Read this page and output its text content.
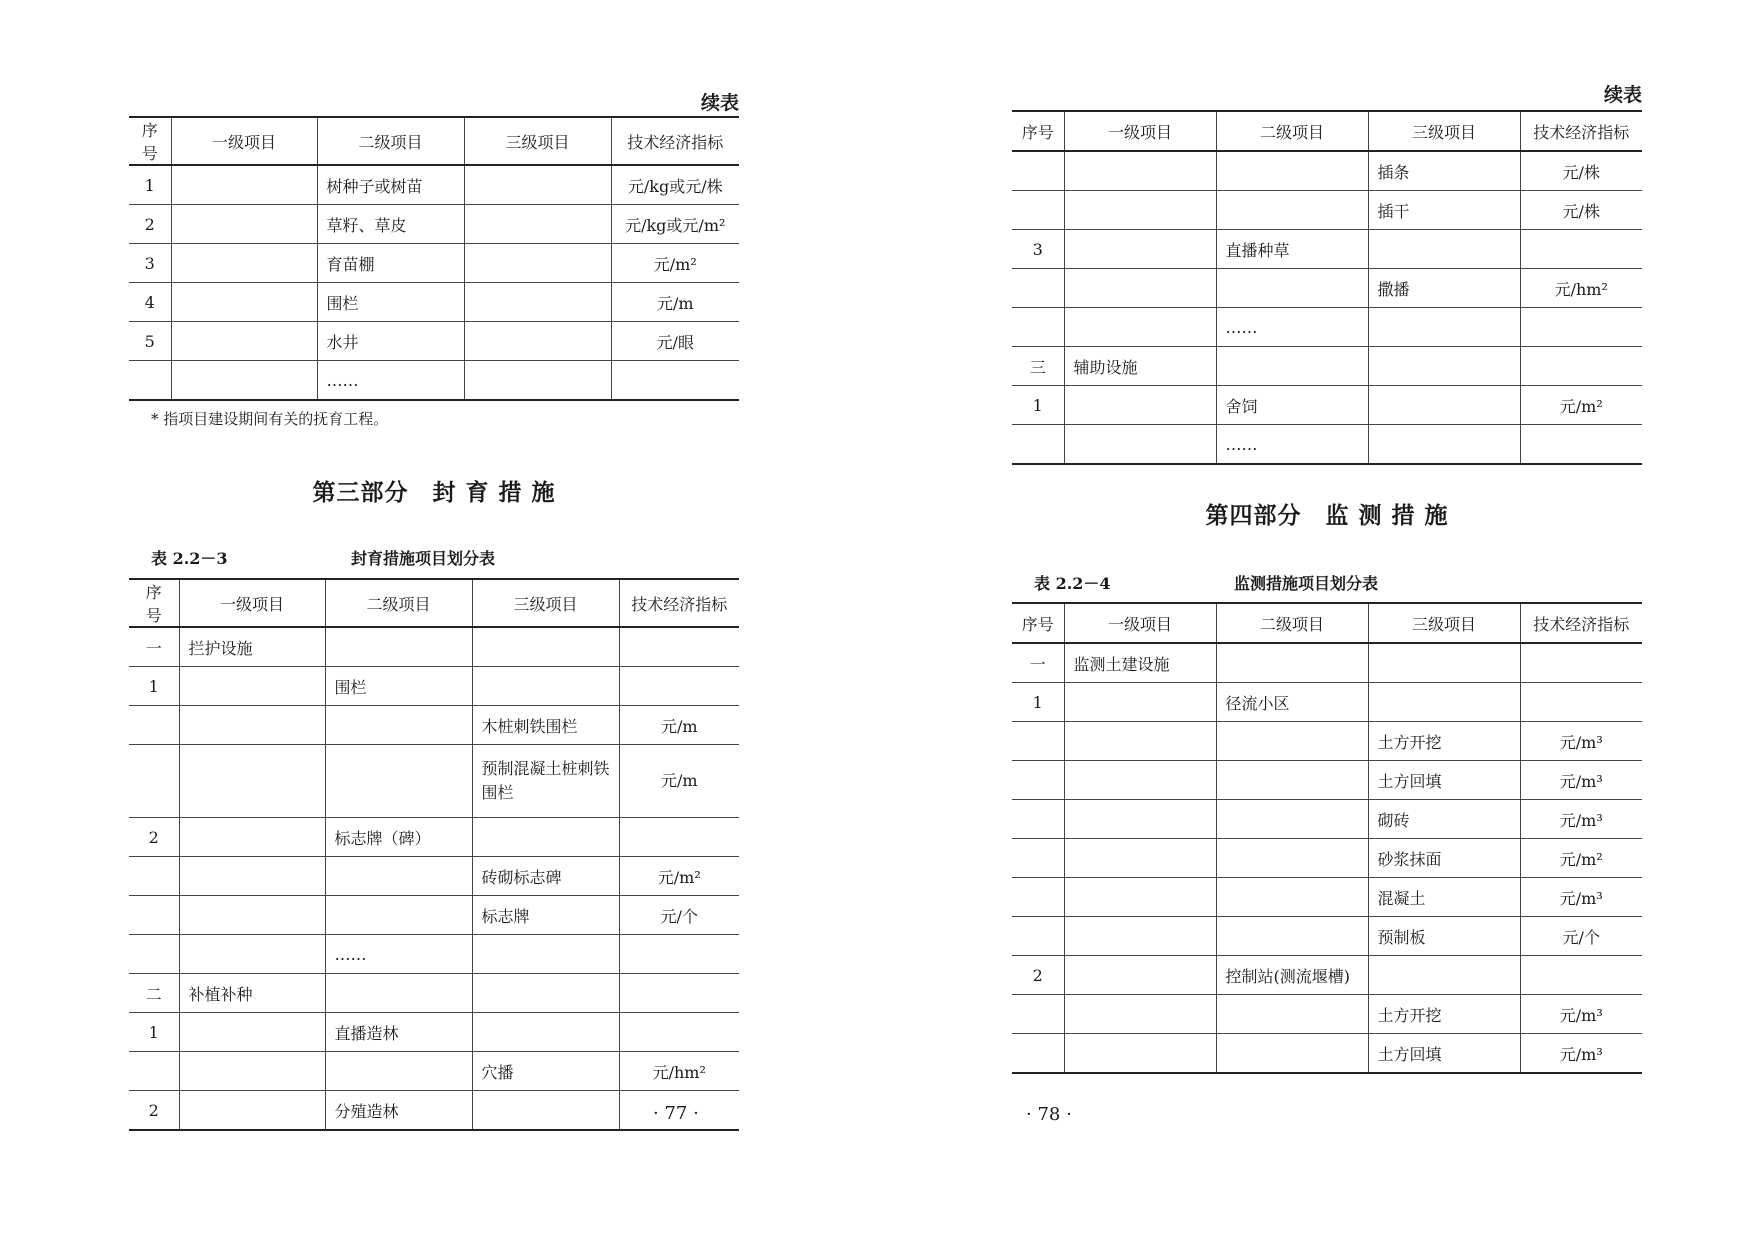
续表
序号	一级项目	二级项目	三级项目	技术经济指标
1		树种子或树苗		元/kg或元/株
2		草籽、草皮		元/kg或元/m²
3		育苗棚		元/m²
4		围栏		元/m
5		水井		元/眼
		……		
* 指项目建设期间有关的抚育工程。
第三部分　封 育 措 施
表 2.2－3	封育措施项目划分表
序号	一级项目	二级项目	三级项目	技术经济指标
一	拦护设施			
1		围栏		
			木桩刺铁围栏	元/m
			预制混凝土桩刺铁围栏	元/m
2		标志牌（碑）		
			砖砌标志碑	元/m²
			标志牌	元/个
		……		
二	补植补种			
1		直播造林		
			穴播	元/hm²
2		分殖造林			· 77 ·
续表
序号	一级项目	二级项目	三级项目	技术经济指标
			插条	元/株
			插干	元/株
3		直播种草		
			撒播	元/hm²
		……		
三	辅助设施			
1		舍饲		元/m²
		……		
第四部分　监 测 措 施
表 2.2－4	监测措施项目划分表
序号	一级项目	二级项目	三级项目	技术经济指标
一	监测土建设施			
1		径流小区		
			土方开挖	元/m³
			土方回填	元/m³
			砌砖	元/m³
			砂浆抹面	元/m²
			混凝土	元/m³
			预制板	元/个
2		控制站(测流堰槽)		
			土方开挖	元/m³
			土方回填	元/m³
· 78 ·
